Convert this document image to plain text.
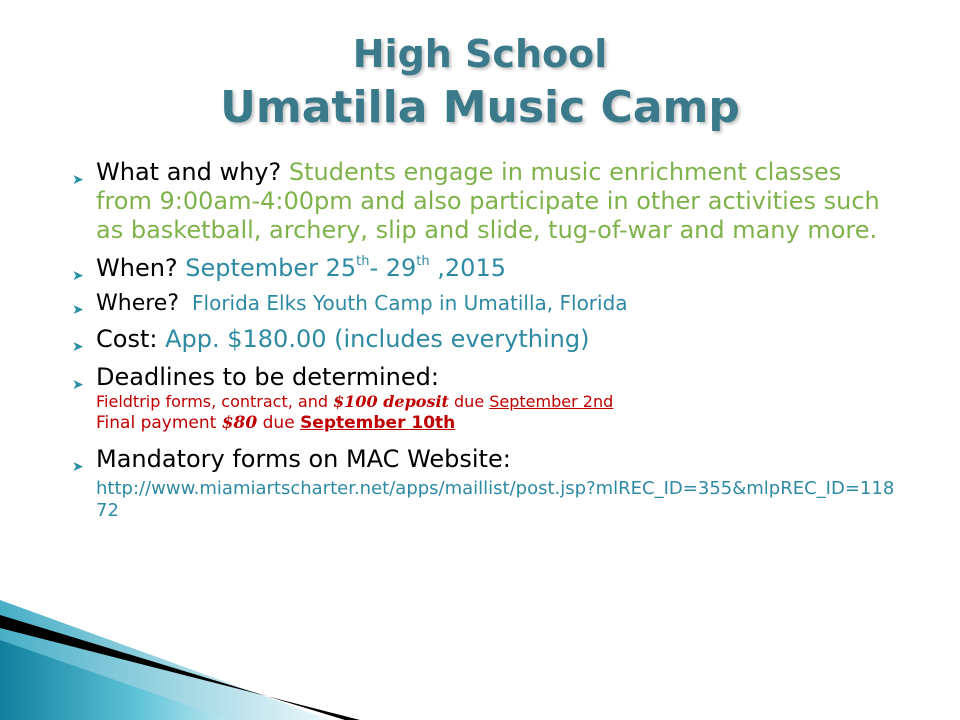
High School
Umatilla Music Camp
➤ What and why? Students engage in music enrichment classes from 9:00am-4:00pm and also participate in other activities such as basketball, archery, slip and slide, tug-of-war and many more.
➤ When? September 25th- 29th ,2015
➤ Where? Florida Elks Youth Camp in Umatilla, Florida
➤ Cost: App. $180.00 (includes everything)
➤ Deadlines to be determined:
Fieldtrip forms, contract, and $100 deposit due September 2nd
Final payment $80 due September 10th
➤ Mandatory forms on MAC Website:
http://www.miamiartscharter.net/apps/maillist/post.jsp?mlREC_ID=355&mlpREC_ID=11872
